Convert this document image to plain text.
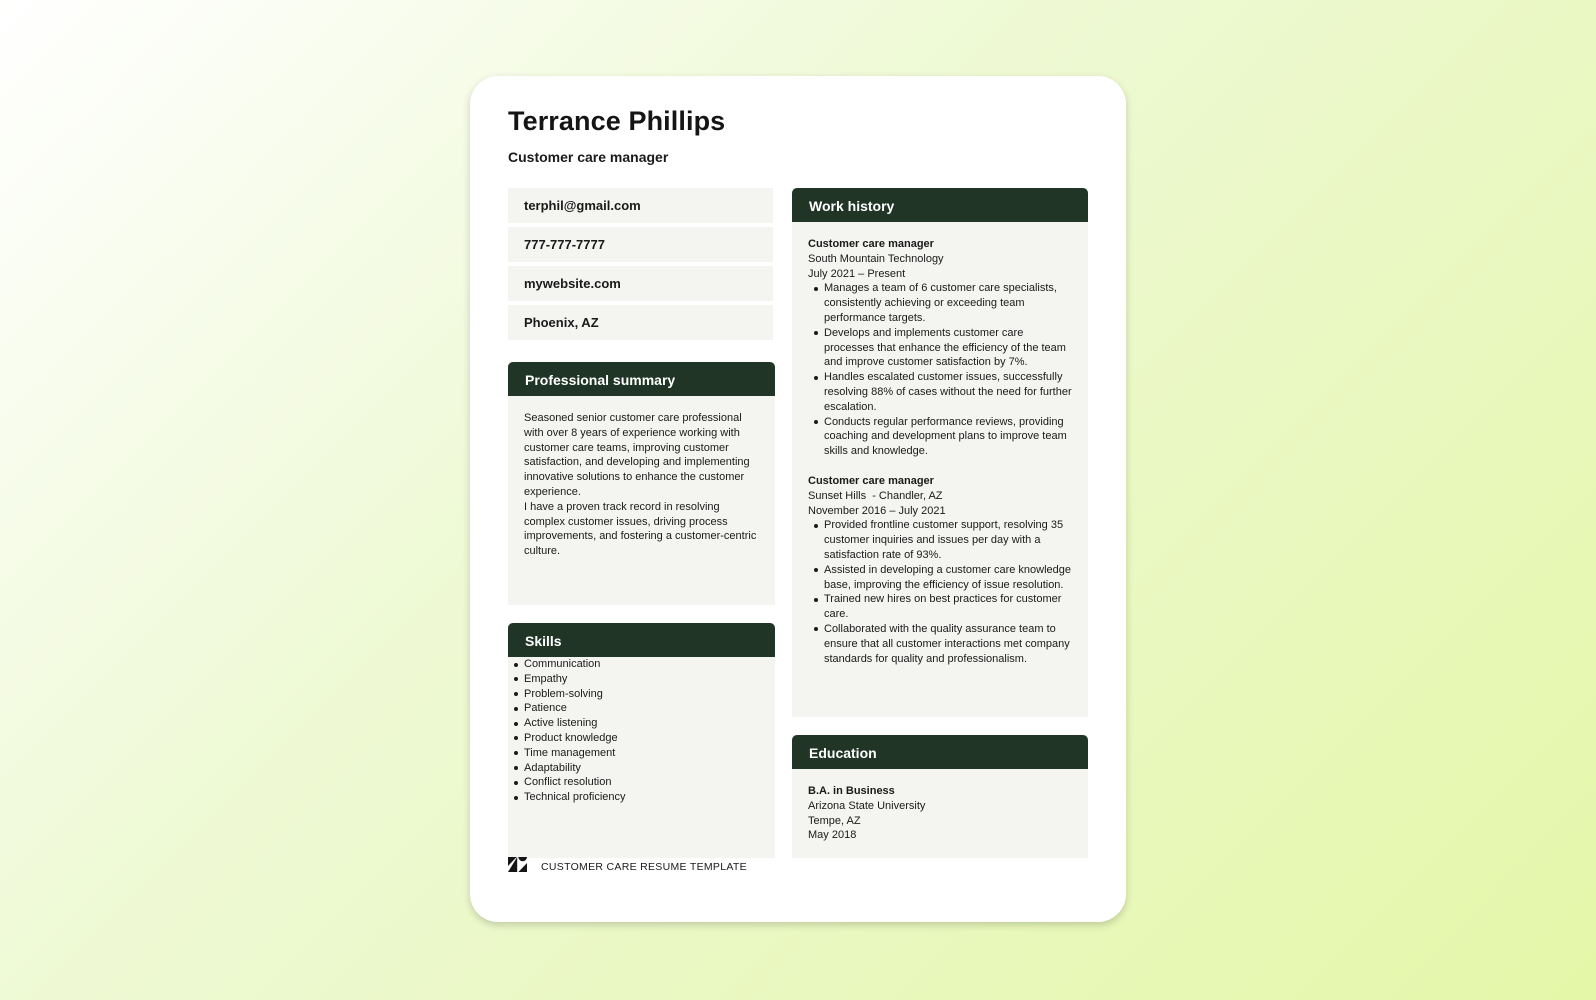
Terrance Phillips
Customer care manager
terphil@gmail.com
777-777-7777
mywebsite.com
Phoenix, AZ
Professional summary

Seasoned senior customer care professional with over 8 years of experience working with customer care teams, improving customer satisfaction, and developing and implementing innovative solutions to enhance the customer experience.

I have a proven track record in resolving complex customer issues, driving process improvements, and fostering a customer-centric culture.

Skills
Communication
Empathy
Problem-solving
Patience
Active listening
Product knowledge
Time management
Adaptability
Conflict resolution
Technical proficiency
Work history
Customer care manager
South Mountain Technology
July 2021 – Present
Manages a team of 6 customer care specialists, consistently achieving or exceeding team performance targets.
Develops and implements customer care processes that enhance the efficiency of the team and improve customer satisfaction by 7%.
Handles escalated customer issues, successfully resolving 88% of cases without the need for further escalation.
Conducts regular performance reviews, providing coaching and development plans to improve team skills and knowledge.
Customer care manager
Sunset Hills  - Chandler, AZ
November 2016 – July 2021
Provided frontline customer support, resolving 35 customer inquiries and issues per day with a satisfaction rate of 93%.
Assisted in developing a customer care knowledge base, improving the efficiency of issue resolution.
Trained new hires on best practices for customer care.
Collaborated with the quality assurance team to ensure that all customer interactions met company standards for quality and professionalism.
Education
B.A. in Business
Arizona State University
Tempe, AZ
May 2018
CUSTOMER CARE RESUME TEMPLATE
